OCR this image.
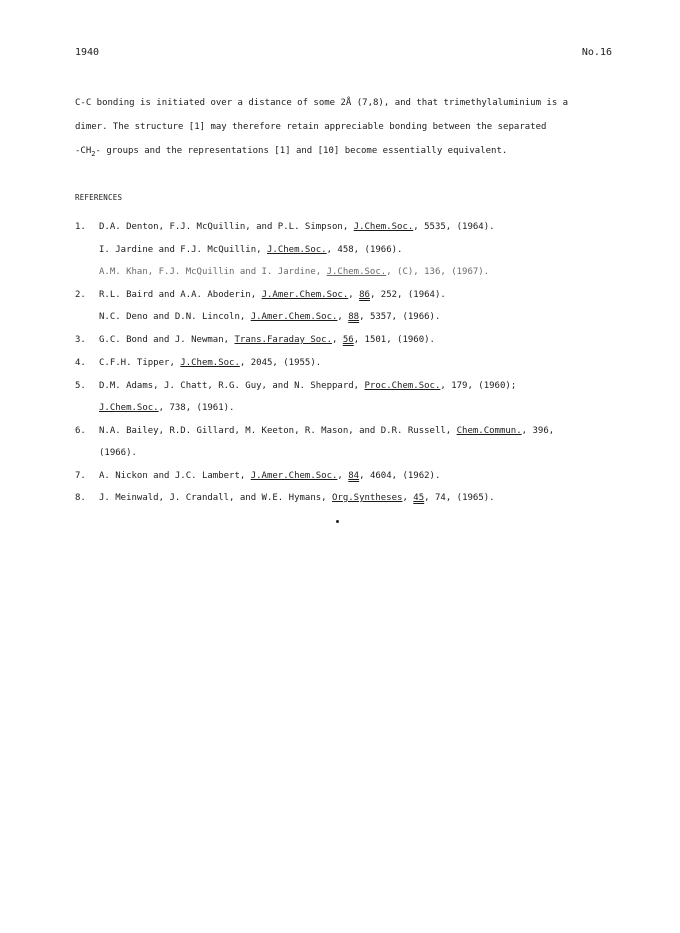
1940	No.16
C-C bonding is initiated over a distance of some 2Å (7,8), and that trimethylaluminium is a
dimer. The structure [1] may therefore retain appreciable bonding between the separated
$-CH_2-$ groups and the representations [1] and [10] become essentially equivalent.
REFERENCES
1. D.A. Denton, F.J. McQuillin, and P.L. Simpson, J.Chem.Soc., 5535, (1964).
I. Jardine and F.J. McQuillin, J.Chem.Soc., 458, (1966).
A.M. Khan, F.J. McQuillin and I. Jardine, J.Chem.Soc., (C), 136, (1967).
2. R.L. Baird and A.A. Aboderin, J.Amer.Chem.Soc., 86, 252, (1964).
N.C. Deno and D.N. Lincoln, J.Amer.Chem.Soc., 88, 5357, (1966).
3. G.C. Bond and J. Newman, Trans.Faraday Soc., 56, 1501, (1960).
4. C.F.H. Tipper, J.Chem.Soc., 2045, (1955).
5. D.M. Adams, J. Chatt, R.G. Guy, and N. Sheppard, Proc.Chem.Soc., 179, (1960);
J.Chem.Soc., 738, (1961).
6. N.A. Bailey, R.D. Gillard, M. Keeton, R. Mason, and D.R. Russell, Chem.Commun., 396,
(1966).
7. A. Nickon and J.C. Lambert, J.Amer.Chem.Soc., 84, 4604, (1962).
8. J. Meinwald, J. Crandall, and W.E. Hymans, Org.Syntheses, 45, 74, (1965).
